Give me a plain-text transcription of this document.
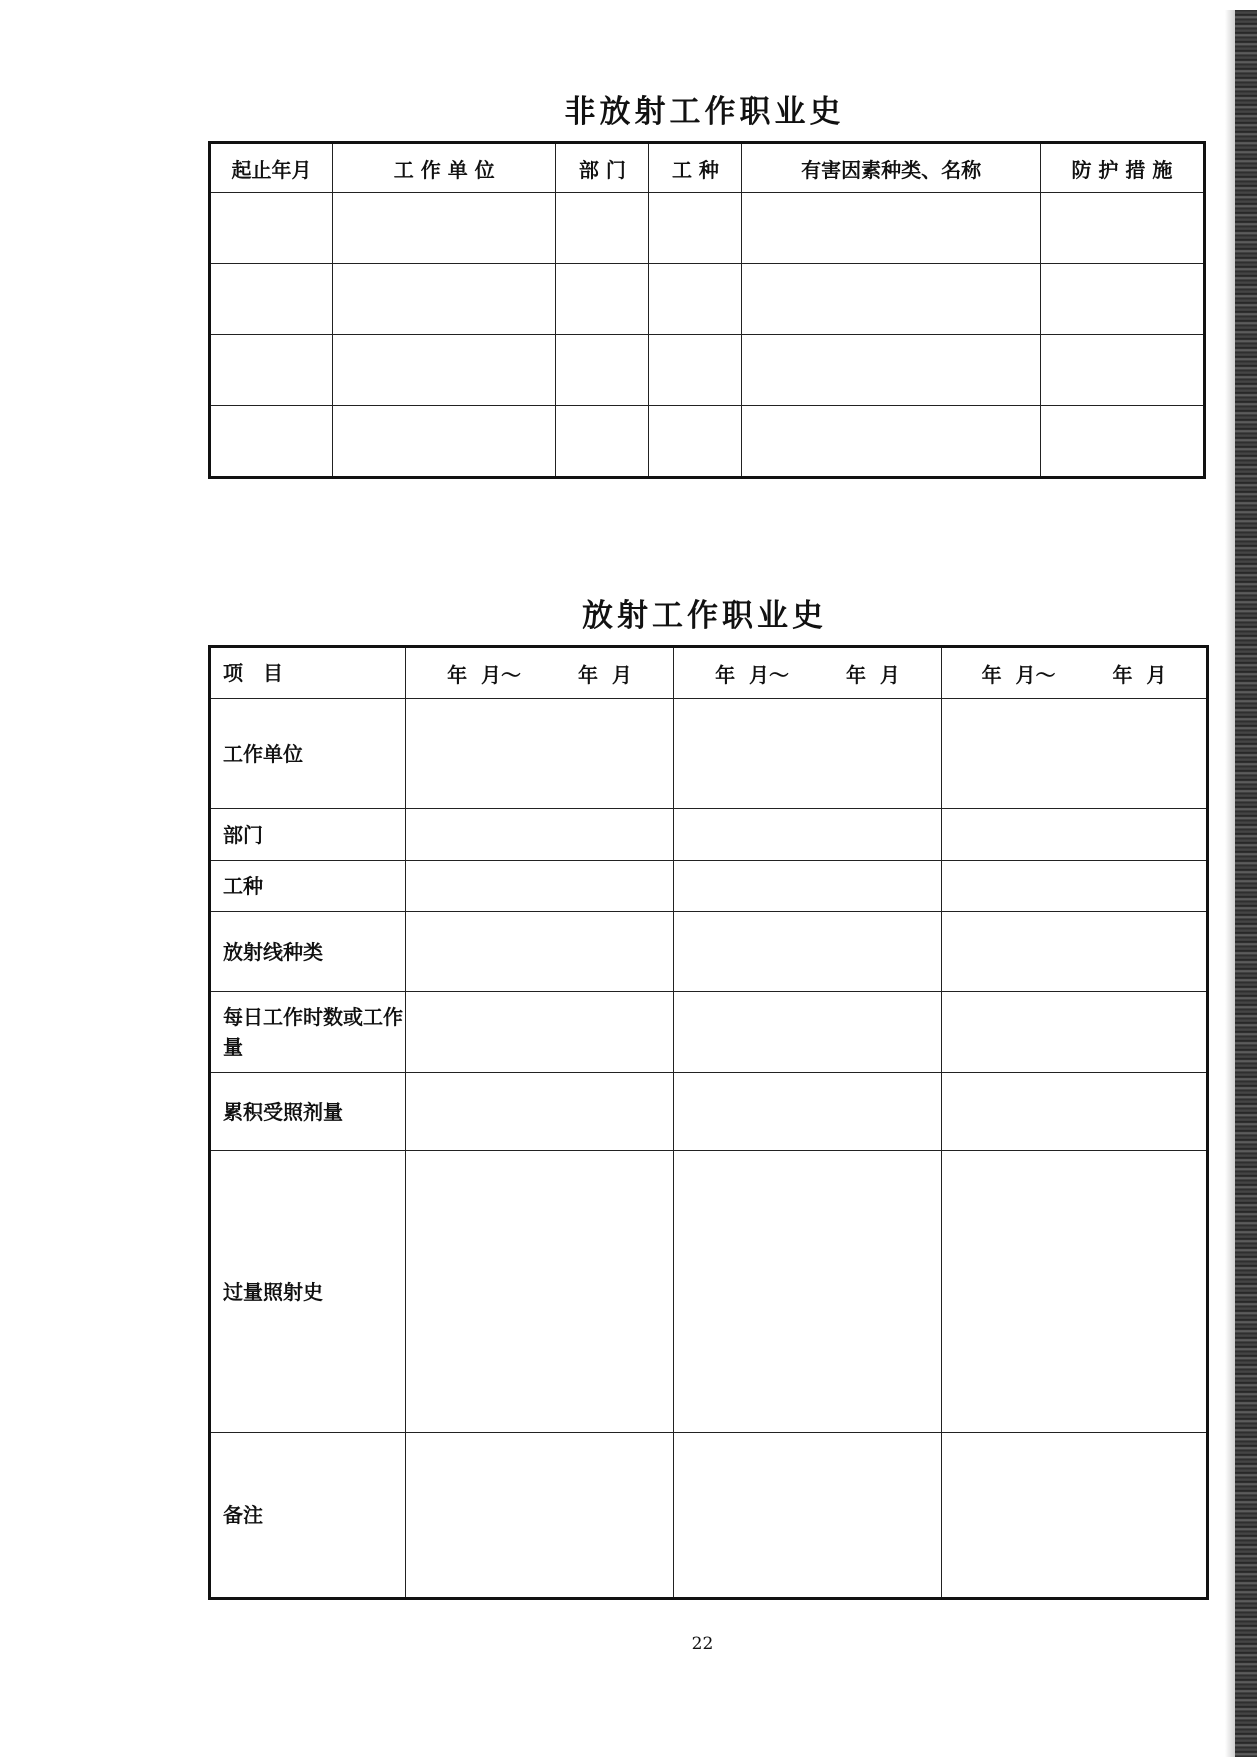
非放射工作职业史
起止年月	工 作 单 位	部 门	工 种	有害因素种类、名称	防 护 措 施

放射工作职业史
项　目	年 月～ 年 月	年 月～ 年 月	年 月～ 年 月
工作单位			
部门			
工种			
放射线种类			
每日工作时数或工作量			
累积受照剂量			
过量照射史			
备注			
22
